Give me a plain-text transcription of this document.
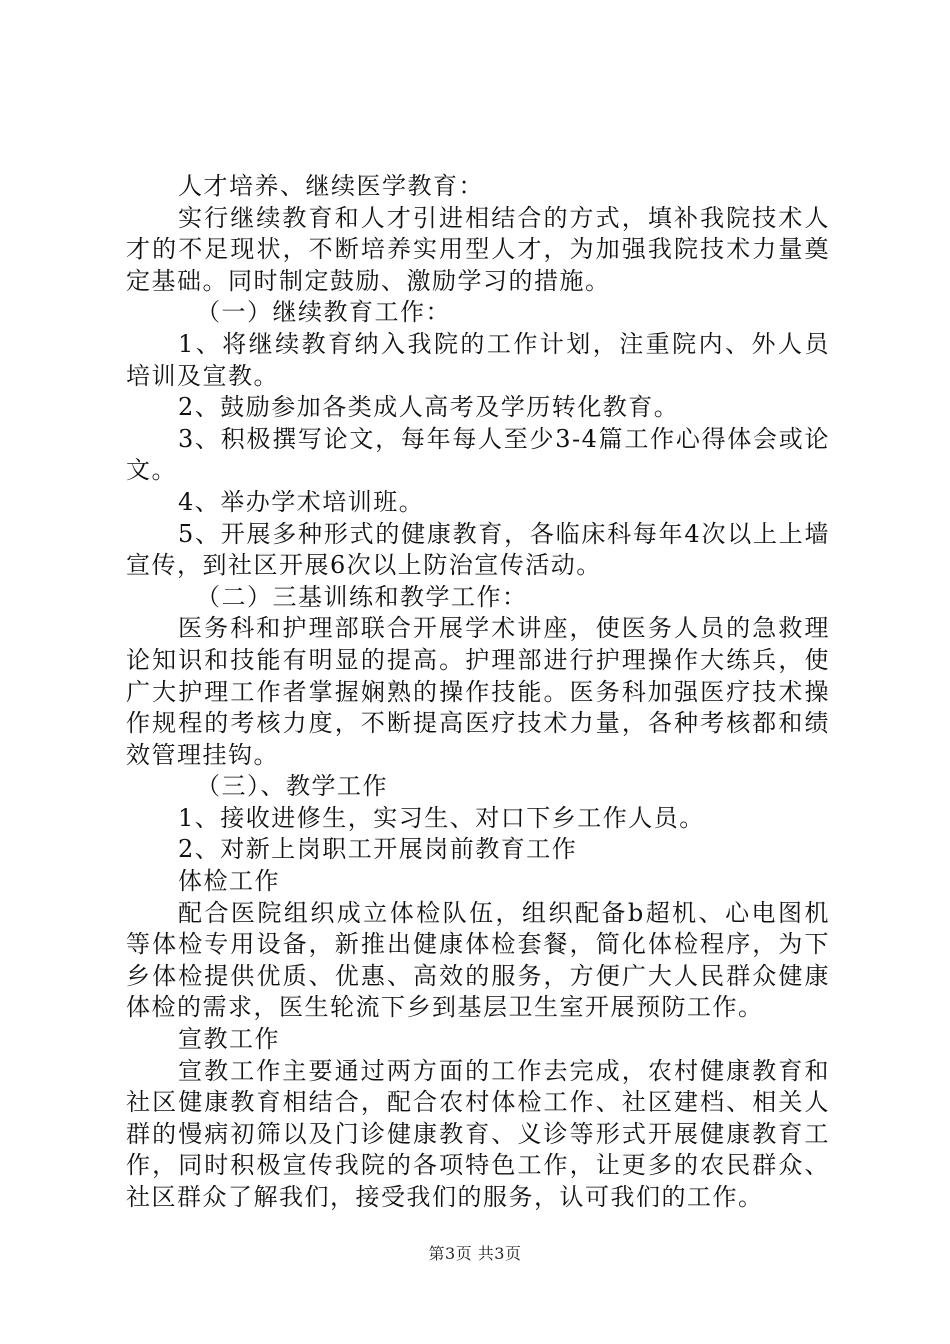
人才培养、继续医学教育：

实行继续教育和人才引进相结合的方式，填补我院技术人才的不足现状，不断培养实用型人才，为加强我院技术力量奠定基础。同时制定鼓励、激励学习的措施。

（一）继续教育工作：

1、将继续教育纳入我院的工作计划，注重院内、外人员培训及宣教。

2、鼓励参加各类成人高考及学历转化教育。

3、积极撰写论文，每年每人至少3-4篇工作心得体会或论文。

4、举办学术培训班。

5、开展多种形式的健康教育，各临床科每年4次以上上墙宣传，到社区开展6次以上防治宣传活动。

（二）三基训练和教学工作：

医务科和护理部联合开展学术讲座，使医务人员的急救理论知识和技能有明显的提高。护理部进行护理操作大练兵，使广大护理工作者掌握娴熟的操作技能。医务科加强医疗技术操作规程的考核力度，不断提高医疗技术力量，各种考核都和绩效管理挂钩。

（三）、教学工作

1、接收进修生，实习生、对口下乡工作人员。

2、对新上岗职工开展岗前教育工作

体检工作

配合医院组织成立体检队伍，组织配备b超机、心电图机等体检专用设备，新推出健康体检套餐，简化体检程序，为下乡体检提供优质、优惠、高效的服务，方便广大人民群众健康体检的需求，医生轮流下乡到基层卫生室开展预防工作。

宣教工作

宣教工作主要通过两方面的工作去完成，农村健康教育和社区健康教育相结合，配合农村体检工作、社区建档、相关人群的慢病初筛以及门诊健康教育、义诊等形式开展健康教育工作，同时积极宣传我院的各项特色工作，让更多的农民群众、社区群众了解我们，接受我们的服务，认可我们的工作。

第3页 共3页
